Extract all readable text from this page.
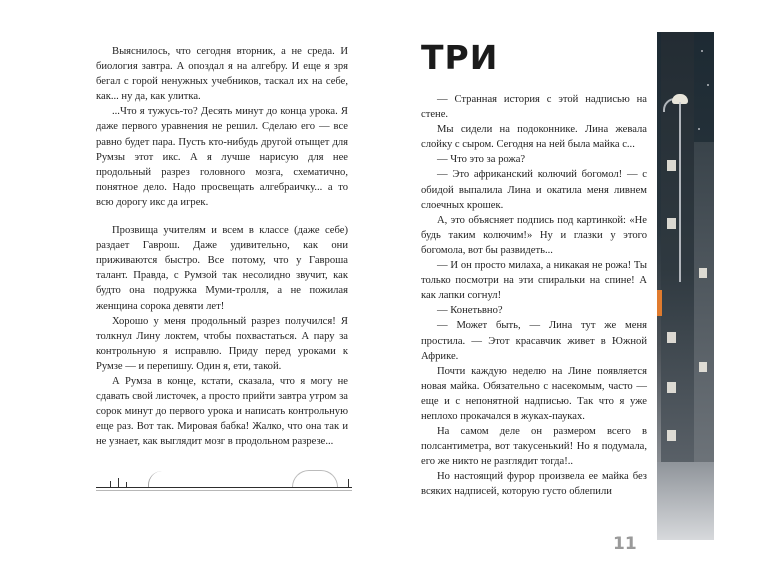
Выяснилось, что сегодня вторник, а не среда. И биология завтра. А опоздал я на алгебру. И еще я зря бегал с горой ненужных учебников, таскал их на себе, как... ну да, как улитка.

...Что я тужусь-то? Десять минут до конца урока. Я даже первого уравнения не решил. Сделаю его — все равно будет пара. Пусть кто-нибудь другой отыщет для Румзы этот икс. А я лучше нарисую для нее продольный разрез головного мозга, схематично, понятное дело. Надо просвещать алгебраичку... а то всю дорогу икс да игрек.

Прозвища учителям и всем в классе (даже себе) раздает Гаврош. Даже удивительно, как они приживаются быстро. Все потому, что у Гавроша талант. Правда, с Румзой так несолидно звучит, как будто она подружка Муми-тролля, а не пожилая женщина сорока девяти лет!

Хорошо у меня продольный разрез получился! Я толкнул Лину локтем, чтобы похвастаться. А пару за контрольную я исправлю. Приду перед уроками к Румзе — и перепишу. Один я, ети, такой.

А Румза в конце, кстати, сказала, что я могу не сдавать свой листочек, а просто прийти завтра утром за сорок минут до первого урока и написать контрольную еще раз. Вот так. Мировая бабка! Жалко, что она так и не узнает, как выглядит мозг в продольном разрезе...

ТРИ

— Странная история с этой надписью на стене.

Мы сидели на подоконнике. Лина жевала слойку с сыром. Сегодня на ней была майка с...

— Что это за рожа?

— Это африканский колючий богомол! — с обидой выпалила Лина и окатила меня ливнем слоечных крошек.

А, это объясняет подпись под картинкой: «Не будь таким колючим!» Ну и глазки у этого богомола, вот бы развидеть...

— И он просто милаха, а никакая не рожа! Ты только посмотри на эти спиральки на спине! А как лапки согнул!

— Конетьвно?

— Может быть, — Лина тут же меня простила. — Этот красавчик живет в Южной Африке.

Почти каждую неделю на Лине появляется новая майка. Обязательно с насекомым, часто — еще и с непонятной надписью. Так что я уже неплохо прокачался в жуках-пауках.

На самом деле он размером всего в полсантиметра, вот такусенький! Но я подумала, его же никто не разглядит тогда!..

Но настоящий фурор произвела ее майка без всяких надписей, которую густо облепили

11
